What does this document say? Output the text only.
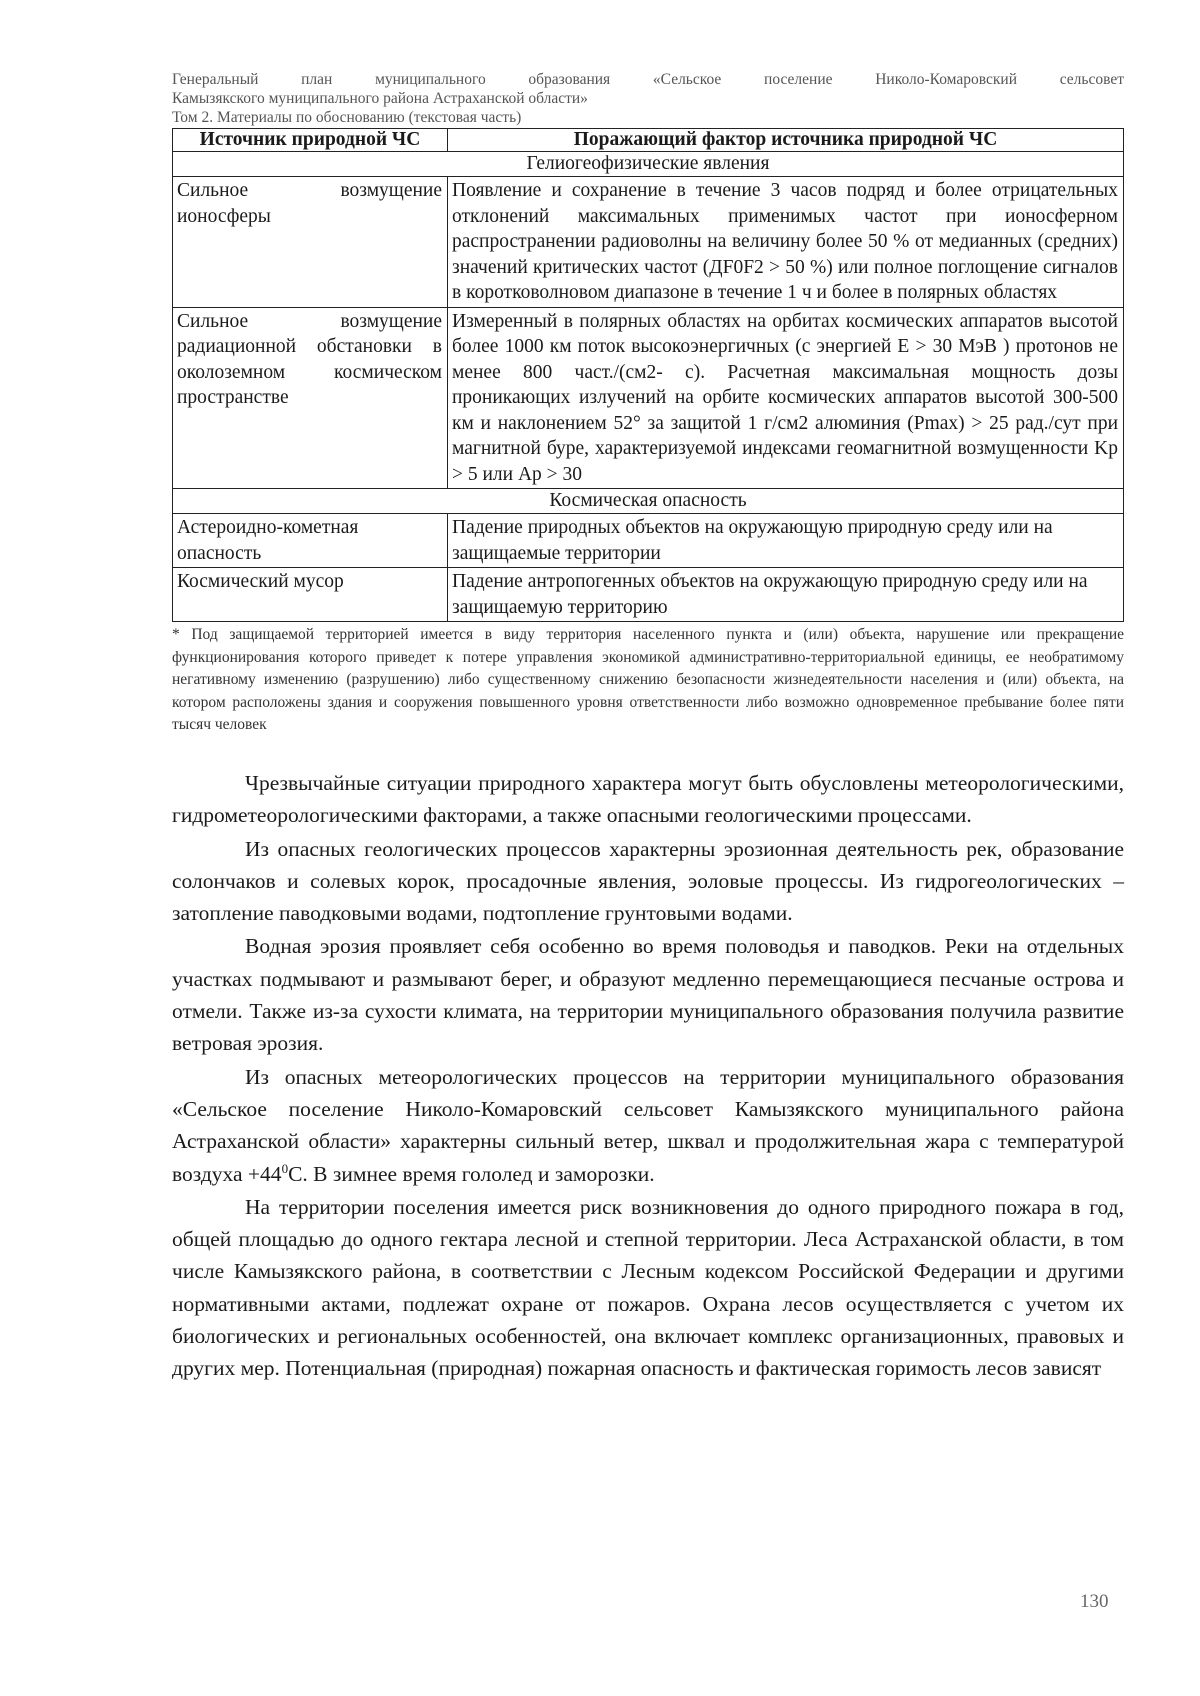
Генеральный план муниципального образования «Сельское поселение Николо-Комаровский сельсовет
Камызякского муниципального района Астраханской области»
Том 2. Материалы по обоснованию (текстовая часть)
Источник природной ЧС	Поражающий фактор источника природной ЧС
Гелиогеофизические явления	
Сильное возмущение ионосферы	Появление и сохранение в течение 3 часов подряд и более отрицательных отклонений максимальных применимых частот при ионосферном распространении радиоволны на величину более 50 % от медианных (средних) значений критических частот (ДF0F2 > 50 %) или полное поглощение сигналов в коротковолновом диапазоне в течение 1 ч и более в полярных областях
Сильное возмущение радиационной обстановки в околоземном космическом пространстве	Измеренный в полярных областях на орбитах космических аппаратов высотой более 1000 км поток высокоэнергичных (с энергией E > 30 МэВ ) протонов не менее 800 част./(см2- с). Расчетная максимальная мощность дозы проникающих излучений на орбите космических аппаратов высотой 300-500 км и наклонением 52° за защитой 1 г/см2 алюминия (Pmax) > 25 рад./сут при магнитной буре, характеризуемой индексами геомагнитной возмущенности Kp > 5 или Ap > 30
Космическая опасность	
Астероидно-кометная опасность	Падение природных объектов на окружающую природную среду или на защищаемые территории
Космический мусор	Падение антропогенных объектов на окружающую природную среду или на защищаемую территорию
* Под защищаемой территорией имеется в виду территория населенного пункта и (или) объекта, нарушение или прекращение функционирования которого приведет к потере управления экономикой административно-территориальной единицы, ее необратимому негативному изменению (разрушению) либо существенному снижению безопасности жизнедеятельности населения и (или) объекта, на котором расположены здания и сооружения повышенного уровня ответственности либо возможно одновременное пребывание более пяти тысяч человек

Чрезвычайные ситуации природного характера могут быть обусловлены метеорологическими, гидрометеорологическими факторами, а также опасными геологическими процессами.

Из опасных геологических процессов характерны эрозионная деятельность рек, образование солончаков и солевых корок, просадочные явления, эоловые процессы. Из гидрогеологических – затопление паводковыми водами, подтопление грунтовыми водами.

Водная эрозия проявляет себя особенно во время половодья и паводков. Реки на отдельных участках подмывают и размывают берег, и образуют медленно перемещающиеся песчаные острова и отмели. Также из-за сухости климата, на территории муниципального образования получила развитие ветровая эрозия.

Из опасных метеорологических процессов на территории муниципального образования «Сельское поселение Николо-Комаровский сельсовет Камызякского муниципального района Астраханской области» характерны сильный ветер, шквал и продолжительная жара с температурой воздуха $+44^0С$. В зимнее время гололед и заморозки.

На территории поселения имеется риск возникновения до одного природного пожара в год, общей площадью до одного гектара лесной и степной территории. Леса Астраханской области, в том числе Камызякского района, в соответствии с Лесным кодексом Российской Федерации и другими нормативными актами, подлежат охране от пожаров. Охрана лесов осуществляется с учетом их биологических и региональных особенностей, она включает комплекс организационных, правовых и других мер. Потенциальная (природная) пожарная опасность и фактическая горимость лесов зависят

130
